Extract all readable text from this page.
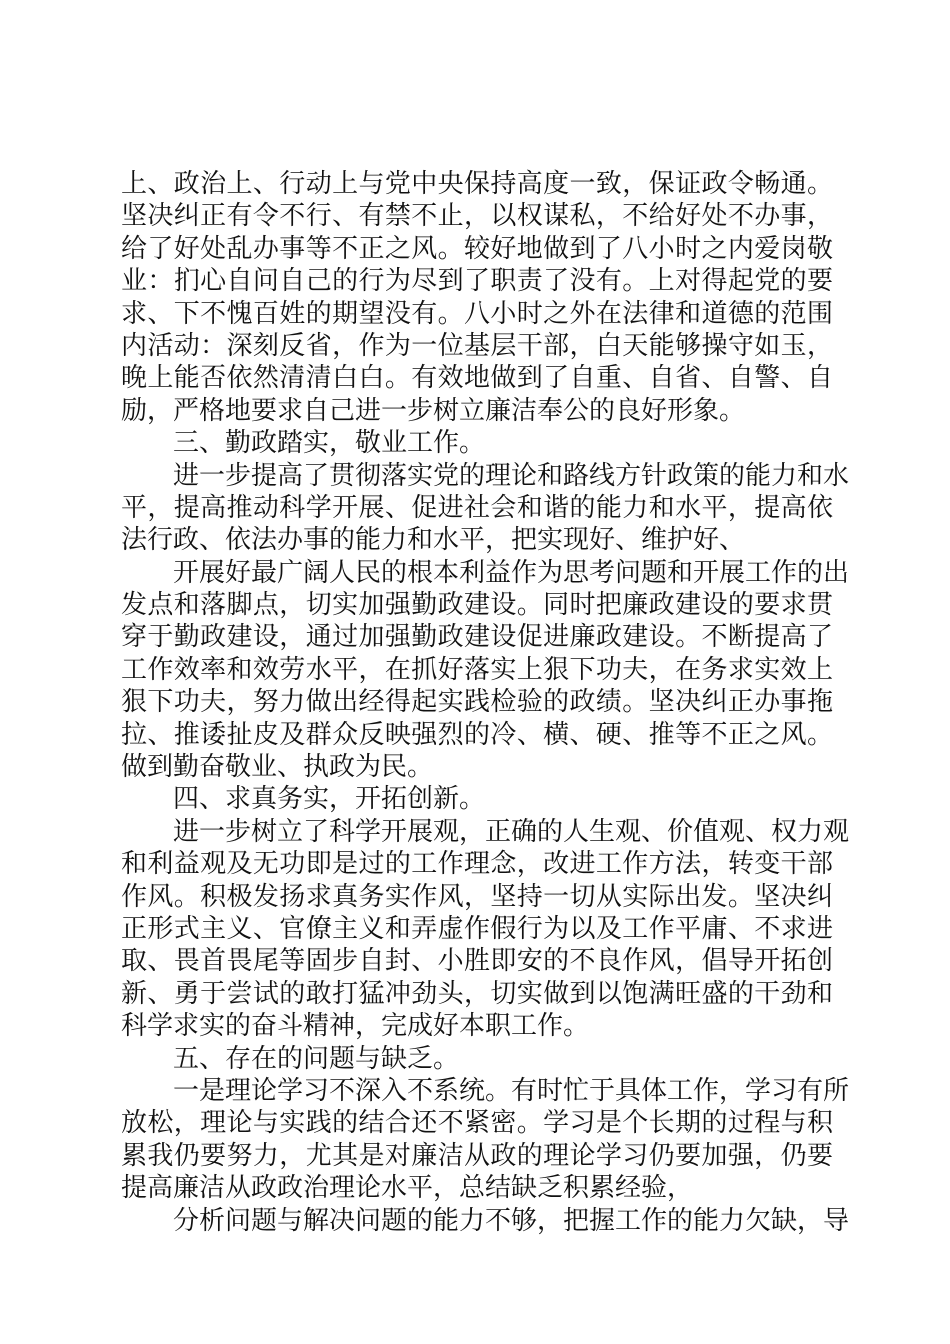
上、政治上、行动上与党中央保持高度一致，保证政令畅通。
坚决纠正有令不行、有禁不止，以权谋私，不给好处不办事，
给了好处乱办事等不正之风。较好地做到了八小时之内爱岗敬
业：扪心自问自己的行为尽到了职责了没有。上对得起党的要
求、下不愧百姓的期望没有。八小时之外在法律和道德的范围
内活动：深刻反省，作为一位基层干部，白天能够操守如玉，
晚上能否依然清清白白。有效地做到了自重、自省、自警、自
励，严格地要求自己进一步树立廉洁奉公的良好形象。
三、勤政踏实，敬业工作。
进一步提高了贯彻落实党的理论和路线方针政策的能力和水
平，提高推动科学开展、促进社会和谐的能力和水平，提高依
法行政、依法办事的能力和水平，把实现好、维护好、
开展好最广阔人民的根本利益作为思考问题和开展工作的出
发点和落脚点，切实加强勤政建设。同时把廉政建设的要求贯
穿于勤政建设，通过加强勤政建设促进廉政建设。不断提高了
工作效率和效劳水平，在抓好落实上狠下功夫，在务求实效上
狠下功夫，努力做出经得起实践检验的政绩。坚决纠正办事拖
拉、推诿扯皮及群众反映强烈的冷、横、硬、推等不正之风。
做到勤奋敬业、执政为民。
四、求真务实，开拓创新。
进一步树立了科学开展观，正确的人生观、价值观、权力观
和利益观及无功即是过的工作理念，改进工作方法，转变干部
作风。积极发扬求真务实作风，坚持一切从实际出发。坚决纠
正形式主义、官僚主义和弄虚作假行为以及工作平庸、不求进
取、畏首畏尾等固步自封、小胜即安的不良作风，倡导开拓创
新、勇于尝试的敢打猛冲劲头，切实做到以饱满旺盛的干劲和
科学求实的奋斗精神，完成好本职工作。
五、存在的问题与缺乏。
一是理论学习不深入不系统。有时忙于具体工作，学习有所
放松，理论与实践的结合还不紧密。学习是个长期的过程与积
累我仍要努力，尤其是对廉洁从政的理论学习仍要加强，仍要
提高廉洁从政政治理论水平，总结缺乏积累经验，
分析问题与解决问题的能力不够，把握工作的能力欠缺，导
